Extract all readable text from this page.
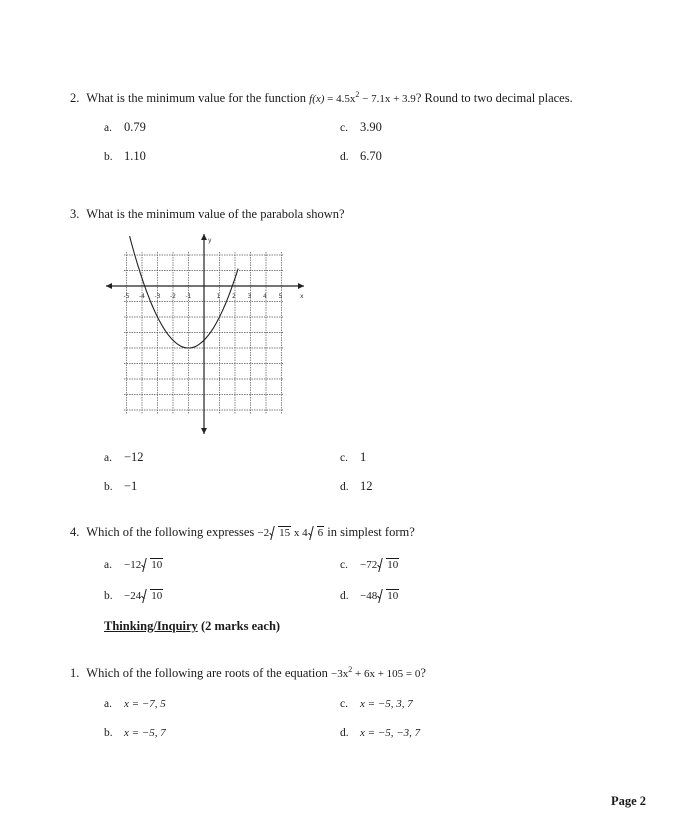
2. What is the minimum value for the function $f(x) = 4.5x^2 - 7.1x + 3.9$? Round to two decimal places.
a. 0.79	c. 3.90
b. 1.10	d. 6.70
3. What is the minimum value of the parabola shown?
y
x
-5 -4 -3 -2 -1	1 2 3 4 5
a. −12	c. 1
b. −1	d. 12
4. Which of the following expresses −2 15 x 4 6 in simplest form?
a. −12 10	c. −72 10
b. −24 10	d. −48 10
Thinking/Inquiry (2 marks each)
1. Which of the following are roots of the equation $-3x^2 + 6x + 105 = 0$?
a. x = −7, 5	c. x = −5, 3, 7
b. x = −5, 7	d. x = −5, −3, 7
Page 2
